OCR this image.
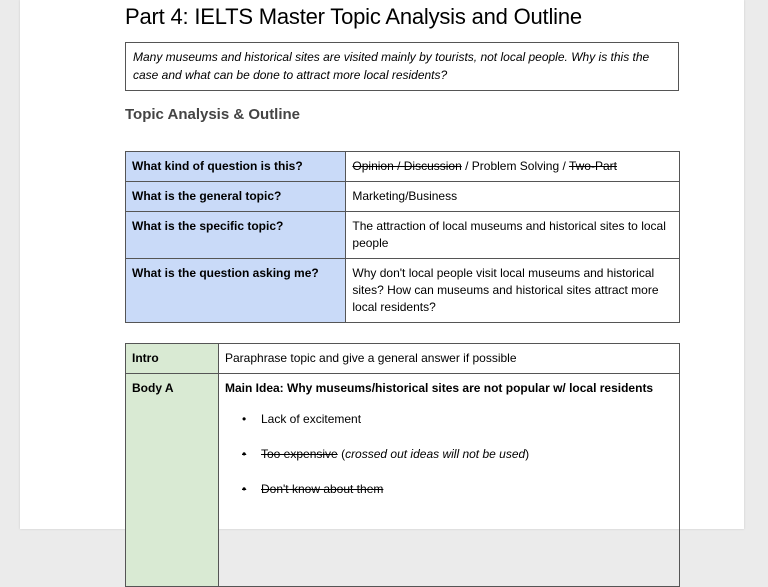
Part 4: IELTS Master Topic Analysis and Outline
Many museums and historical sites are visited mainly by tourists, not local people. Why is this the case and what can be done to attract more local residents?
Topic Analysis & Outline
What kind of question is this?	Opinion / Discussion / Problem Solving / Two-Part
What is the general topic?	Marketing/Business
What is the specific topic?	The attraction of local museums and historical sites to local people
What is the question asking me?	Why don't local people visit local museums and historical sites? How can museums and historical sites attract more local residents?
Intro	Paraphrase topic and give a general answer if possible
Body A	Main Idea: Why museums/historical sites are not popular w/ local residents
• Lack of excitement
• Too expensive (crossed out ideas will not be used)
• Don't know about them
